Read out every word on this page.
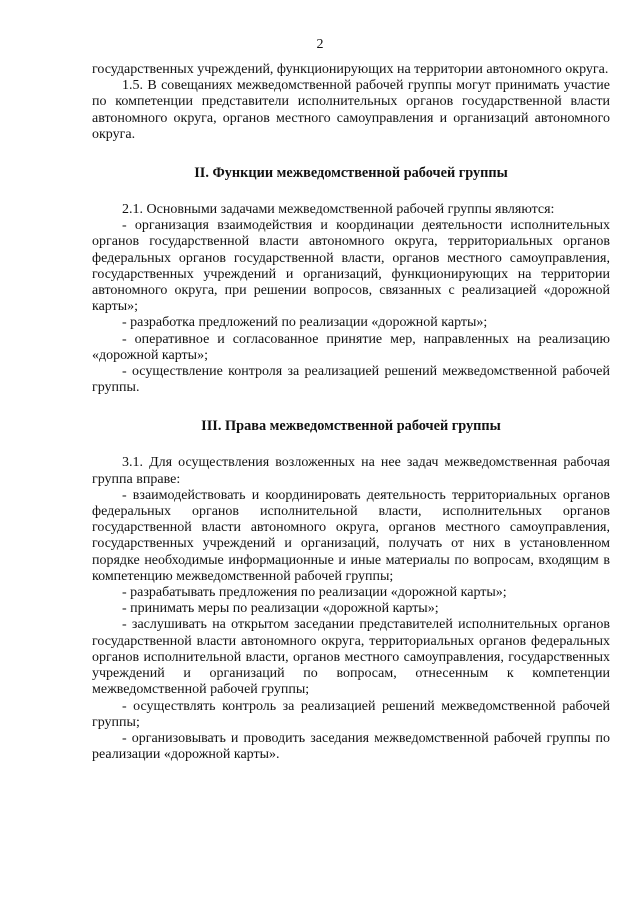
2

государственных учреждений, функционирующих на территории автономного округа.

1.5. В совещаниях межведомственной рабочей группы могут принимать участие по компетенции представители исполнительных органов государственной власти автономного округа, органов местного самоуправления и организаций автономного округа.

II. Функции межведомственной рабочей группы

2.1. Основными задачами межведомственной рабочей группы являются:

- организация взаимодействия и координации деятельности исполнительных органов государственной власти автономного округа, территориальных органов федеральных органов государственной власти, органов местного самоуправления, государственных учреждений и организаций, функционирующих на территории автономного округа, при решении вопросов, связанных с реализацией «дорожной карты»;

- разработка предложений по реализации «дорожной карты»;

- оперативное и согласованное принятие мер, направленных на реализацию «дорожной карты»;

- осуществление контроля за реализацией решений межведомственной рабочей группы.

III. Права межведомственной рабочей группы

3.1. Для осуществления возложенных на нее задач межведомственная рабочая группа вправе:

- взаимодействовать и координировать деятельность территориальных органов федеральных органов исполнительной власти, исполнительных органов государственной власти автономного округа, органов местного самоуправления, государственных учреждений и организаций, получать от них в установленном порядке необходимые информационные и иные материалы по вопросам, входящим в компетенцию межведомственной рабочей группы;

- разрабатывать предложения по реализации «дорожной карты»;

- принимать меры по реализации «дорожной карты»;

- заслушивать на открытом заседании представителей исполнительных органов государственной власти автономного округа, территориальных органов федеральных органов исполнительной власти, органов местного самоуправления, государственных учреждений и организаций по вопросам, отнесенным к компетенции межведомственной рабочей группы;

- осуществлять контроль за реализацией решений межведомственной рабочей группы;

- организовывать и проводить заседания межведомственной рабочей группы по реализации «дорожной карты».
